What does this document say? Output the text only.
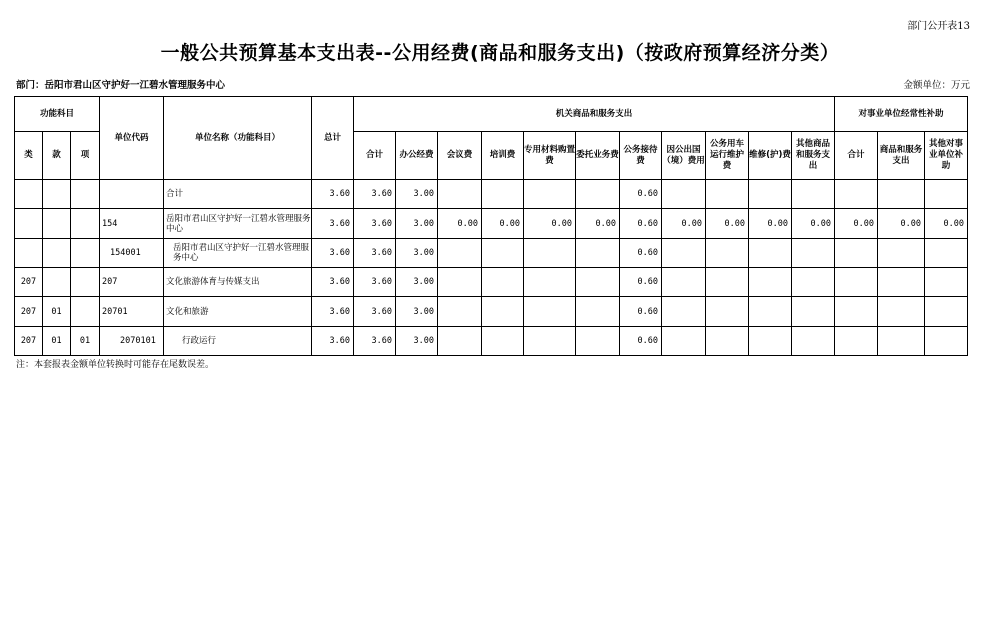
部门公开表13
一般公共预算基本支出表--公用经费(商品和服务支出)（按政府预算经济分类）
部门：岳阳市君山区守护好一江碧水管理服务中心	金额单位：万元
功能科目			单位代码	单位名称（功能科目）	总计	机关商品和服务支出											对事业单位经常性补助		
类	款	项				合计	办公经费	会议费	培训费	专用材料购置费	委托业务费	公务接待费	因公出国（境）费用	公务用车运行维护费	维修(护)费	其他商品和服务支出	合计	商品和服务支出	其他对事业单位补助
				合计	3.60	3.60	3.00					0.60							
			154	岳阳市君山区守护好一江碧水管理服务中心	3.60	3.60	3.00	0.00	0.00	0.00	0.00	0.60	0.00	0.00	0.00	0.00	0.00	0.00	0.00
			154001	岳阳市君山区守护好一江碧水管理服务中心	3.60	3.60	3.00					0.60							
207			207	文化旅游体育与传媒支出	3.60	3.60	3.00					0.60							
207	01		20701	文化和旅游	3.60	3.60	3.00					0.60							
207	01	01	2070101	行政运行	3.60	3.60	3.00					0.60							
注：本套报表金额单位转换时可能存在尾数误差。
